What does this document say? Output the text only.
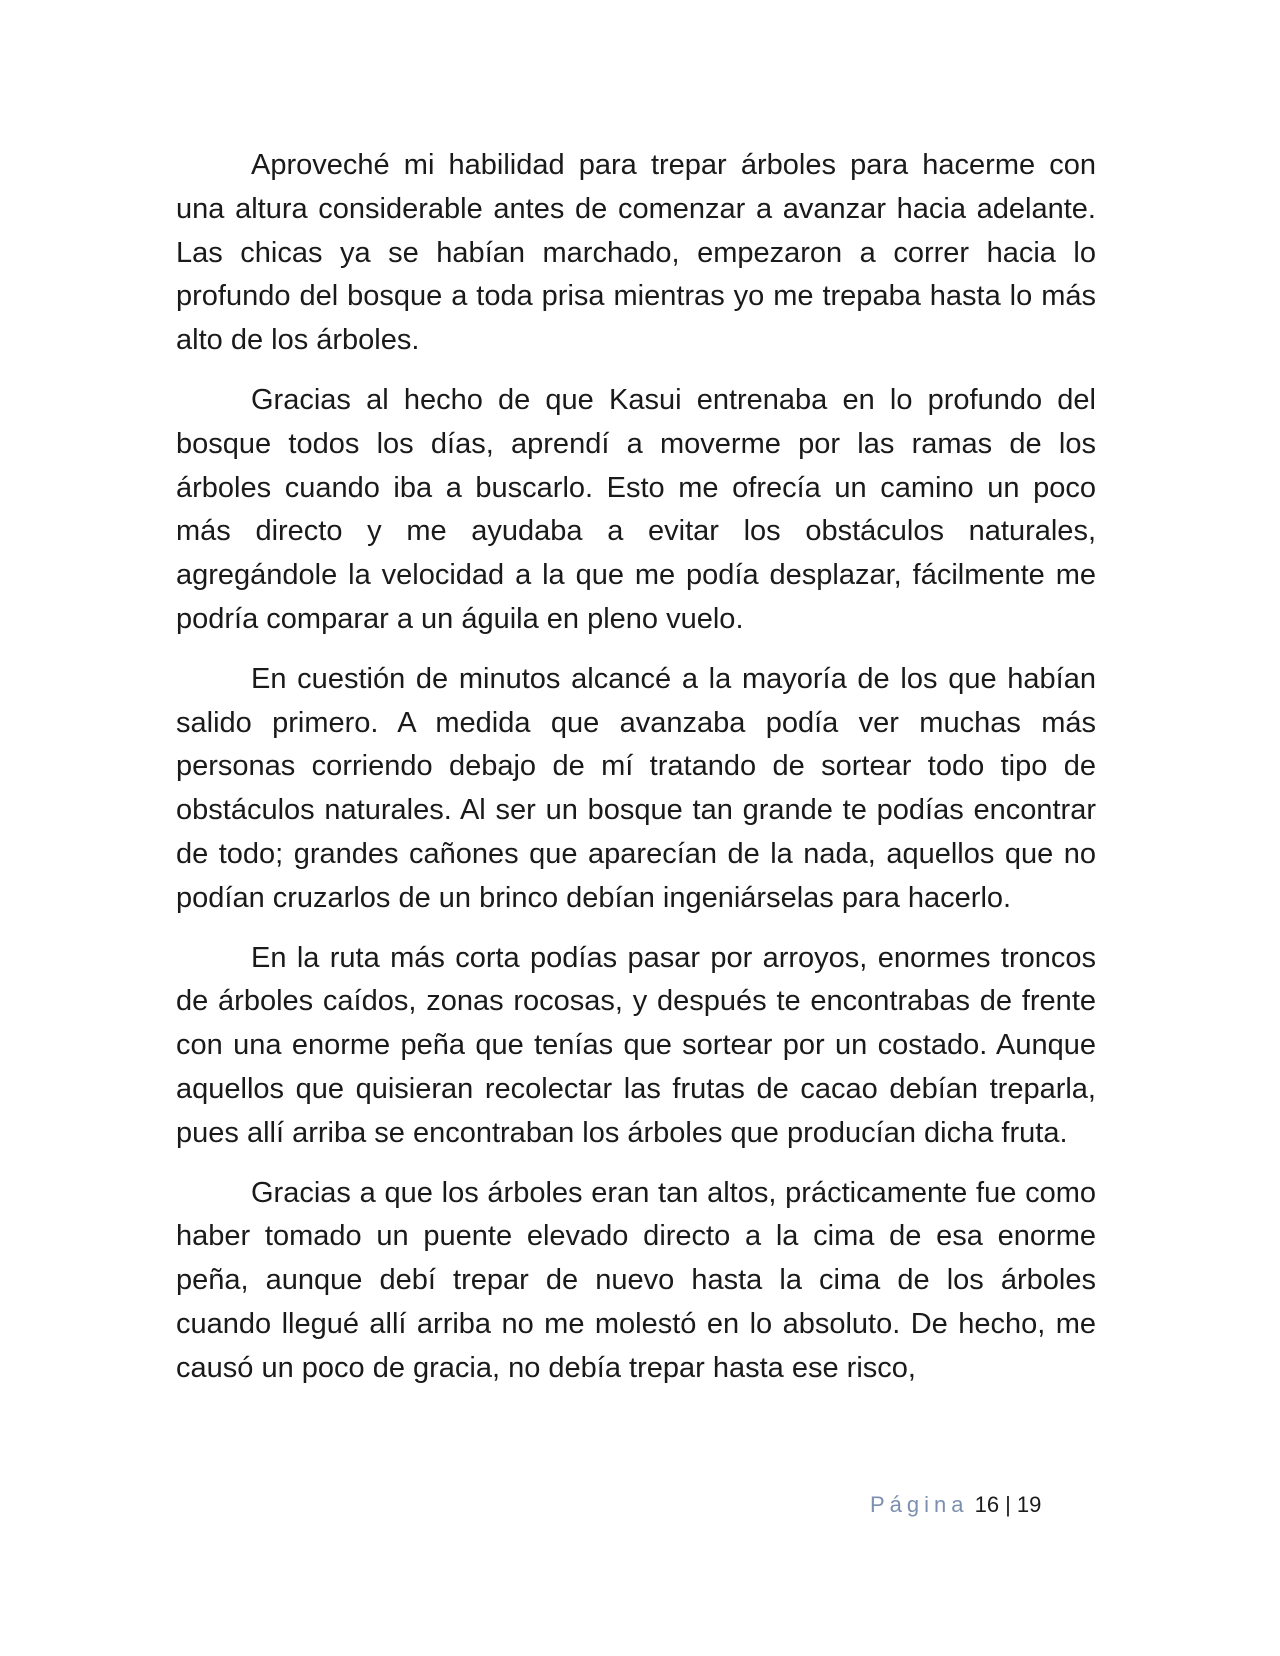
Aproveché mi habilidad para trepar árboles para hacerme con una altura considerable antes de comenzar a avanzar hacia adelante. Las chicas ya se habían marchado, empezaron a correr hacia lo profundo del bosque a toda prisa mientras yo me trepaba hasta lo más alto de los árboles.

Gracias al hecho de que Kasui entrenaba en lo profundo del bosque todos los días, aprendí a moverme por las ramas de los árboles cuando iba a buscarlo. Esto me ofrecía un camino un poco más directo y me ayudaba a evitar los obstáculos naturales, agregándole la velocidad a la que me podía desplazar, fácilmente me podría comparar a un águila en pleno vuelo.

En cuestión de minutos alcancé a la mayoría de los que habían salido primero. A medida que avanzaba podía ver muchas más personas corriendo debajo de mí tratando de sortear todo tipo de obstáculos naturales. Al ser un bosque tan grande te podías encontrar de todo; grandes cañones que aparecían de la nada, aquellos que no podían cruzarlos de un brinco debían ingeniárselas para hacerlo.

En la ruta más corta podías pasar por arroyos, enormes troncos de árboles caídos, zonas rocosas, y después te encontrabas de frente con una enorme peña que tenías que sortear por un costado. Aunque aquellos que quisieran recolectar las frutas de cacao debían treparla, pues allí arriba se encontraban los árboles que producían dicha fruta.

Gracias a que los árboles eran tan altos, prácticamente fue como haber tomado un puente elevado directo a la cima de esa enorme peña, aunque debí trepar de nuevo hasta la cima de los árboles cuando llegué allí arriba no me molestó en lo absoluto. De hecho, me causó un poco de gracia, no debía trepar hasta ese risco,

Página 16 | 19
